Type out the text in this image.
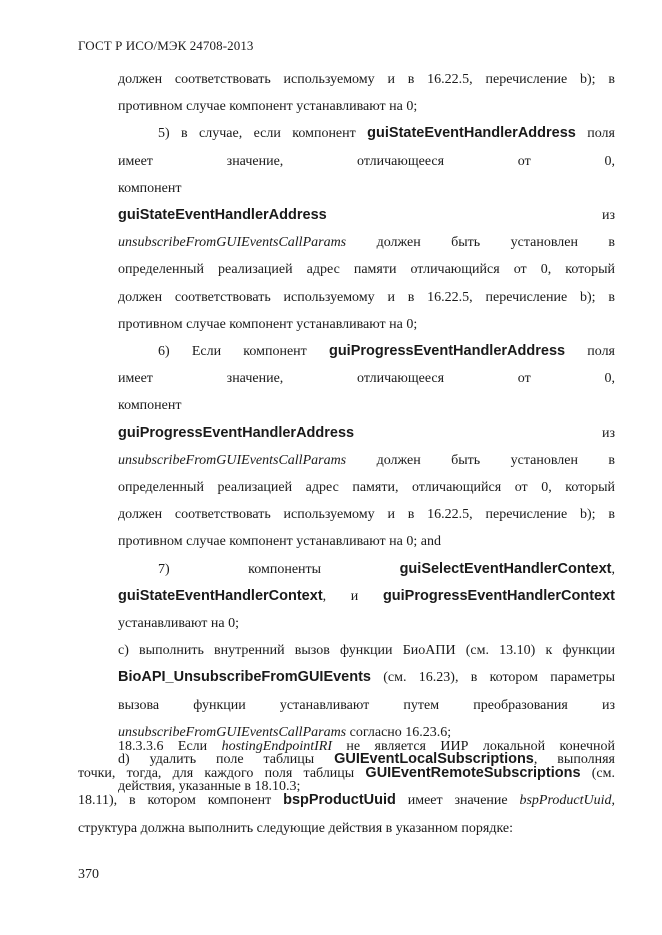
ГОСТ Р ИСО/МЭК 24708-2013
должен соответствовать используемому и в 16.22.5, перечисление b); в
противном случае компонент устанавливают на 0;
5) в случае, если компонент guiStateEventHandlerAddress поля
имеет значение, отличающееся от 0, компонент
guiStateEventHandlerAddress	из
unsubscribeFromGUIEventsCallParams должен быть установлен в
определенный реализацией адрес памяти отличающийся от 0, который
должен соответствовать используемому и в 16.22.5, перечисление b); в
противном случае компонент устанавливают на 0;
6) Если компонент guiProgressEventHandlerAddress поля
имеет значение, отличающееся от 0, компонент
guiProgressEventHandlerAddress	из
unsubscribeFromGUIEventsCallParams должен быть установлен в
определенный реализацией адрес памяти, отличающийся от 0, который
должен соответствовать используемому и в 16.22.5, перечисление b); в
противном случае компонент устанавливают на 0; and
7) компоненты guiSelectEventHandlerContext,
guiStateEventHandlerContext, и guiProgressEventHandlerContext
устанавливают на 0;
c) выполнить внутренний вызов функции БиоАПИ (см. 13.10) к функции
BioAPI_UnsubscribeFromGUIEvents (см. 16.23), в котором параметры
вызова функции устанавливают путем преобразования из
unsubscribeFromGUIEventsCallParams согласно 16.23.6;
d) удалить поле таблицы GUIEventLocalSubscriptions, выполняя
действия, указанные в 18.10.3;
18.3.3.6 Если hostingEndpointIRI не является ИИР локальной конечной
точки, тогда, для каждого поля таблицы GUIEventRemoteSubscriptions (см.
18.11), в котором компонент bspProductUuid имеет значение bspProductUuid,
структура должна выполнить следующие действия в указанном порядке:
370
